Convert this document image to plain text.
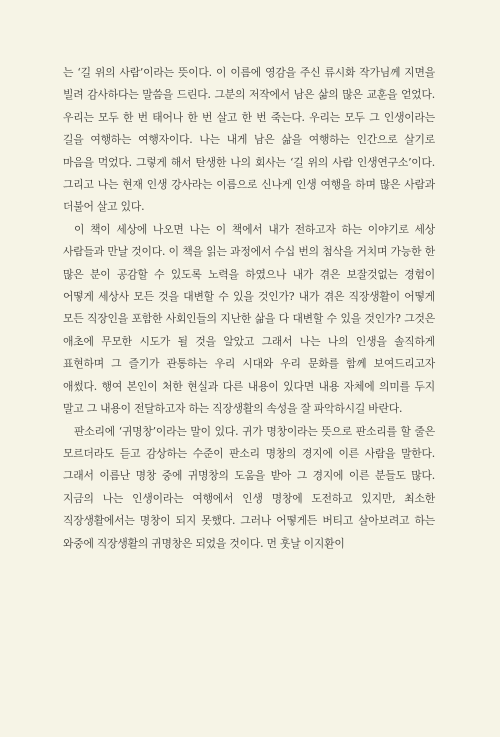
는 ‘길 위의 사람’이라는 뜻이다. 이 이름에 영감을 주신 류시화 작가님께 지면을 빌려 감사하다는 말씀을 드린다. 그분의 저작에서 남은 삶의 많은 교훈을 얻었다. 우리는 모두 한 번 태어나 한 번 살고 한 번 죽는다. 우리는 모두 그 인생이라는 길을 여행하는 여행자이다. 나는 내게 남은 삶을 여행하는 인간으로 살기로 마음을 먹었다. 그렇게 해서 탄생한 나의 회사는 ‘길 위의 사람 인생연구소’이다. 그리고 나는 현재 인생 강사라는 이름으로 신나게 인생 여행을 하며 많은 사람과 더불어 살고 있다.

이 책이 세상에 나오면 나는 이 책에서 내가 전하고자 하는 이야기로 세상 사람들과 만날 것이다. 이 책을 읽는 과정에서 수십 번의 첨삭을 거치며 가능한 한 많은 분이 공감할 수 있도록 노력을 하였으나 내가 겪은 보잘것없는 경험이 어떻게 세상사 모든 것을 대변할 수 있을 것인가? 내가 겪은 직장생활이 어떻게 모든 직장인을 포함한 사회인들의 지난한 삶을 다 대변할 수 있을 것인가? 그것은 애초에 무모한 시도가 될 것을 알았고 그래서 나는 나의 인생을 솔직하게 표현하며 그 즐기가 관통하는 우리 시대와 우리 문화를 함께 보여드리고자 애썼다. 행여 본인이 처한 현실과 다른 내용이 있다면 내용 자체에 의미를 두지 말고 그 내용이 전달하고자 하는 직장생활의 속성을 잘 파악하시길 바란다.

판소리에 ‘귀명창’이라는 말이 있다. 귀가 명창이라는 뜻으로 판소리를 할 줄은 모르더라도 듣고 감상하는 수준이 판소리 명창의 경지에 이른 사람을 말한다. 그래서 이름난 명창 중에 귀명창의 도움을 받아 그 경지에 이른 분들도 많다. 지금의 나는 인생이라는 여행에서 인생 명창에 도전하고 있지만, 최소한 직장생활에서는 명창이 되지 못했다. 그러나 어떻게든 버티고 살아보려고 하는 와중에 직장생활의 귀명창은 되었을 것이다. 먼 훗날 이지환이
